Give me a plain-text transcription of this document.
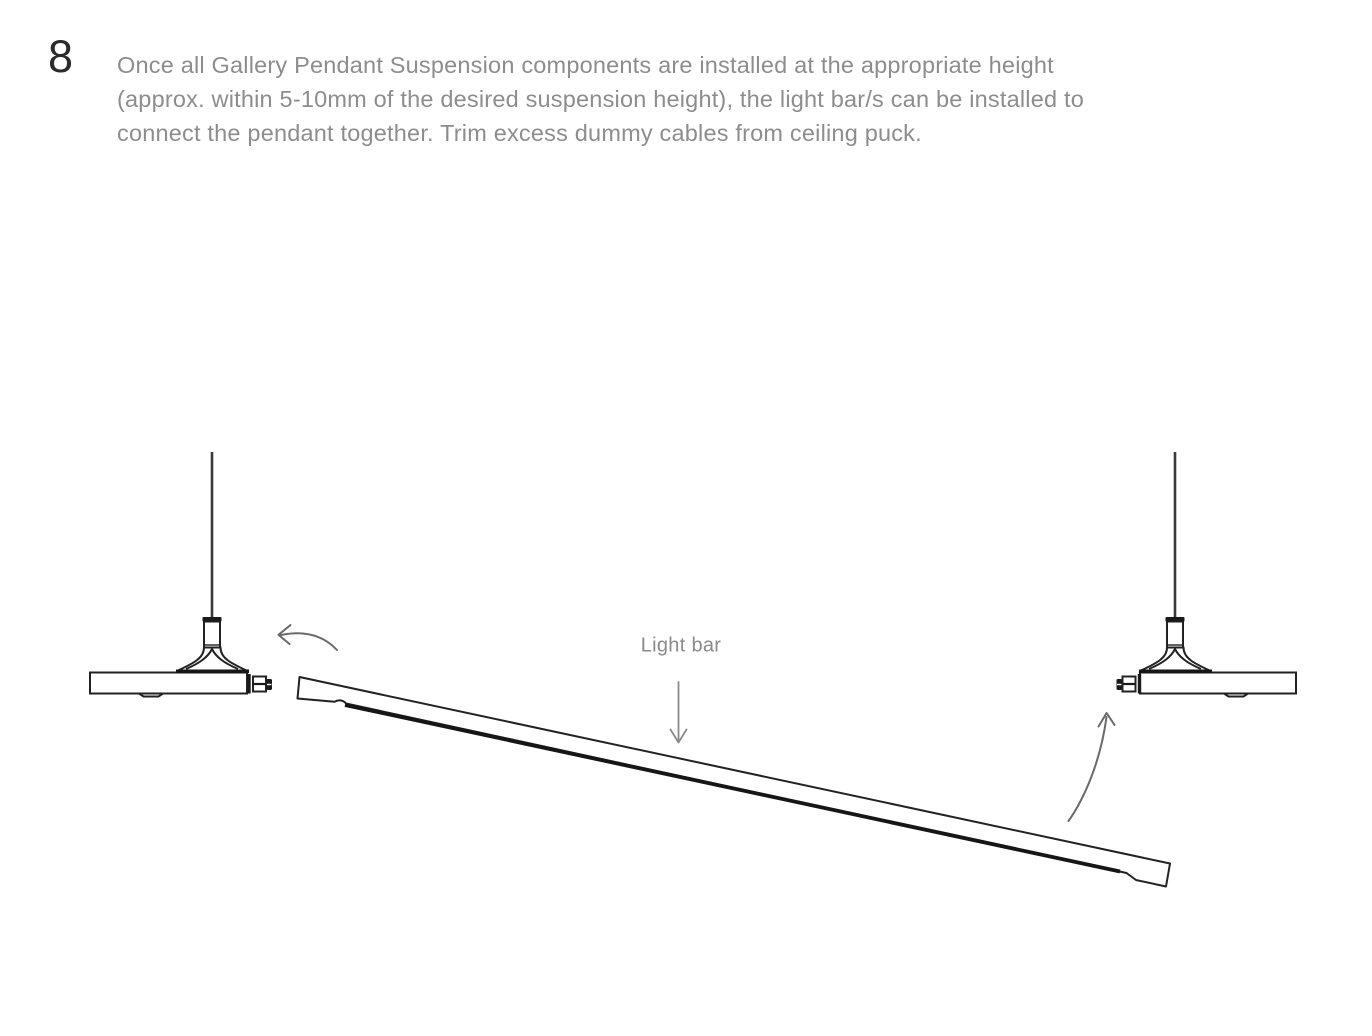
8 Once all Gallery Pendant Suspension components are installed at the appropriate height
(approx. within 5-10mm of the desired suspension height), the light bar/s can be installed to
connect the pendant together. Trim excess dummy cables from ceiling puck.
Light bar
